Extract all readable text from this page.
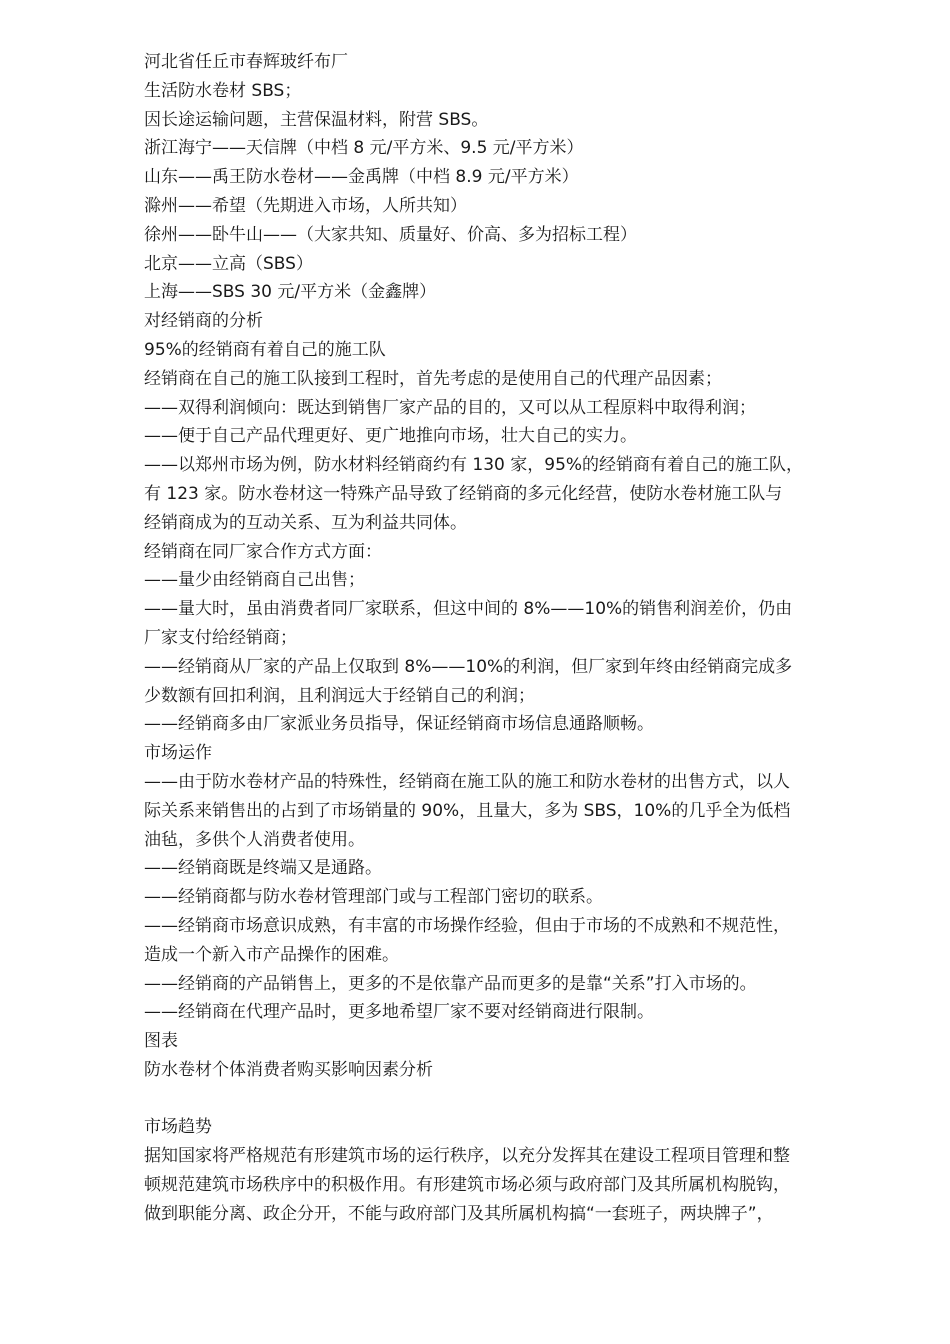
河北省任丘市春辉玻纤布厂
生活防水卷材 SBS；
因长途运输问题，主营保温材料，附营 SBS。
浙江海宁——天信牌（中档 8 元/平方米、9.5 元/平方米）
山东——禹王防水卷材——金禹牌（中档 8.9 元/平方米）
滁州——希望（先期进入市场，人所共知）
徐州——卧牛山——（大家共知、质量好、价高、多为招标工程）
北京——立高（SBS）
上海——SBS 30 元/平方米（金鑫牌）
对经销商的分析
95%的经销商有着自己的施工队
经销商在自己的施工队接到工程时，首先考虑的是使用自己的代理产品因素；
——双得利润倾向：既达到销售厂家产品的目的，又可以从工程原料中取得利润；
——便于自己产品代理更好、更广地推向市场，壮大自己的实力。
——以郑州市场为例，防水材料经销商约有 130 家，95%的经销商有着自己的施工队，
有 123 家。防水卷材这一特殊产品导致了经销商的多元化经营，使防水卷材施工队与
经销商成为的互动关系、互为利益共同体。
经销商在同厂家合作方式方面：
——量少由经销商自己出售；
——量大时，虽由消费者同厂家联系，但这中间的 8%——10%的销售利润差价，仍由
厂家支付给经销商；
——经销商从厂家的产品上仅取到 8%——10%的利润，但厂家到年终由经销商完成多
少数额有回扣利润，且利润远大于经销自己的利润；
——经销商多由厂家派业务员指导，保证经销商市场信息通路顺畅。
市场运作
——由于防水卷材产品的特殊性，经销商在施工队的施工和防水卷材的出售方式，以人
际关系来销售出的占到了市场销量的 90%，且量大，多为 SBS，10%的几乎全为低档
油毡，多供个人消费者使用。
——经销商既是终端又是通路。
——经销商都与防水卷材管理部门或与工程部门密切的联系。
——经销商市场意识成熟，有丰富的市场操作经验，但由于市场的不成熟和不规范性，
造成一个新入市产品操作的困难。
——经销商的产品销售上，更多的不是依靠产品而更多的是靠“关系”打入市场的。
——经销商在代理产品时，更多地希望厂家不要对经销商进行限制。
图表
防水卷材个体消费者购买影响因素分析
市场趋势
据知国家将严格规范有形建筑市场的运行秩序，以充分发挥其在建设工程项目管理和整
顿规范建筑市场秩序中的积极作用。有形建筑市场必须与政府部门及其所属机构脱钩，
做到职能分离、政企分开，不能与政府部门及其所属机构搞“一套班子，两块牌子”，
